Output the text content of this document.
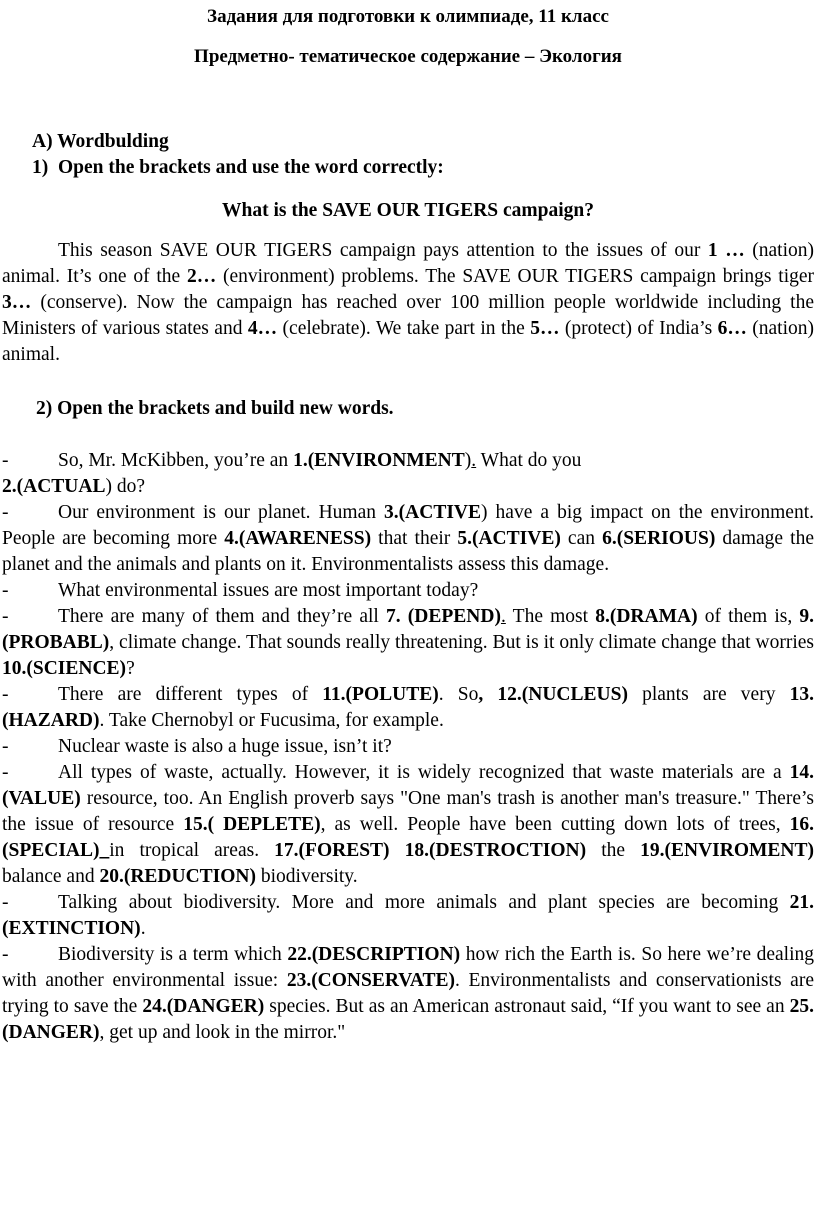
Задания для подготовки к олимпиаде, 11 класс
Предметно- тематическое содержание – Экология
A) Wordbulding
1) Open the brackets and use the word correctly:
What is the SAVE OUR TIGERS campaign?

This season SAVE OUR TIGERS campaign pays attention to the issues of our 1 … (nation) animal. It’s one of the 2… (environment) problems. The SAVE OUR TIGERS campaign brings tiger 3… (conserve). Now the campaign has reached over 100 million people worldwide including the Ministers of various states and 4… (celebrate). We take part in the 5… (protect) of India’s 6… (nation) animal.

2) Open the brackets and build new words.

-	So, Mr. McKibben, you’re an 1.(ENVIRONMENT). What do you
2.(ACTUAL) do?

-	Our environment is our planet. Human 3.(ACTIVE) have a big impact on the environment. People are becoming more 4.(AWARENESS) that their 5.(ACTIVE) can 6.(SERIOUS) damage the planet and the animals and plants on it. Environmentalists assess this damage.

-	What environmental issues are most important today?

-	There are many of them and they’re all 7. (DEPEND). The most 8.(DRAMA) of them is, 9.(PROBABL), climate change. That sounds really threatening. But is it only climate change that worries 10.(SCIENCE)?

-	There are different types of 11.(POLUTE). So, 12.(NUCLEUS) plants are very 13.(HAZARD). Take Chernobyl or Fucusima, for example.

-	Nuclear waste is also a huge issue, isn’t it?

-	All types of waste, actually. However, it is widely recognized that waste materials are a 14.(VALUE) resource, too. An English proverb says "One man's trash is another man's treasure." There’s the issue of resource 15.( DEPLETE), as well. People have been cutting down lots of trees, 16.(SPECIAL)_in tropical areas. 17.(FOREST) 18.(DESTROCTION) the 19.(ENVIROMENT) balance and 20.(REDUCTION) biodiversity.

-	Talking about biodiversity. More and more animals and plant species are becoming 21.(EXTINCTION).

-	Biodiversity is a term which 22.(DESCRIPTION) how rich the Earth is. So here we’re dealing with another environmental issue: 23.(CONSERVATE). Environmentalists and conservationists are trying to save the 24.(DANGER) species. But as an American astronaut said, “If you want to see an 25.(DANGER), get up and look in the mirror."
